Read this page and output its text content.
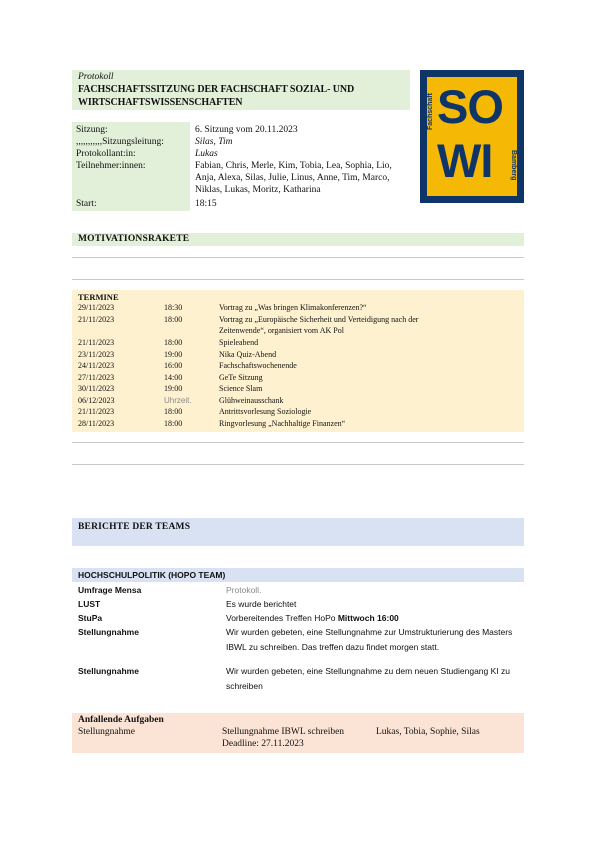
Protokoll
FACHSCHAFTSSITZUNG DER FACHSCHAFT SOZIAL- UND WIRTSCHAFTSWISSENSCHAFTEN	Fachschaft SO
WI	Bamberg
Sitzung:	6. Sitzung vom 20.11.2023
,,,,,,,,,,,Sitzungsleitung:	Silas, Tim
Protokollant:in:	Lukas
Teilnehmer:innen:	Fabian, Chris, Merle, Kim, Tobia, Lea, Sophia, Lio, Anja, Alexa, Silas, Julie, Linus, Anne, Tim, Marco, Niklas, Lukas, Moritz, Katharina
Start:	18:15
MOTIVATIONSRAKETE
TERMINE
29/11/2023	18:30	Vortrag zu „Was bringen Klimakonferenzen?“
21/11/2023	18:00	Vortrag zu „Europäische Sicherheit und Verteidigung nach der Zeitenwende“, organisiert vom AK Pol
21/11/2023	18:00	Spieleabend
23/11/2023	19:00	Nika Quiz-Abend
24/11/2023	16:00	Fachschaftswochenende
27/11/2023	14:00	GeTe Sitzung
30/11/2023	19:00	Science Slam
06/12/2023	Uhrzeit.	Glühweinausschank
21/11/2023	18:00	Antrittsvorlesung Soziologie
28/11/2023	18:00	Ringvorlesung „Nachhaltige Finanzen“
BERICHTE DER TEAMS
HOCHSCHULPOLITIK (HOPO TEAM)
Umfrage Mensa	Protokoll.
LUST	Es wurde berichtet
StuPa	Vorbereitendes Treffen HoPo Mittwoch 16:00
Stellungnahme	Wir wurden gebeten, eine Stellungnahme zur Umstrukturierung des Masters IBWL zu schreiben. Das treffen dazu findet morgen statt.
Stellungnahme	Wir wurden gebeten, eine Stellungnahme zu dem neuen Studiengang KI zu schreiben
Anfallende Aufgaben
Stellungnahme	Stellungnahme IBWL schreiben	Lukas, Tobia, Sophie, Silas
Deadline: 27.11.2023
